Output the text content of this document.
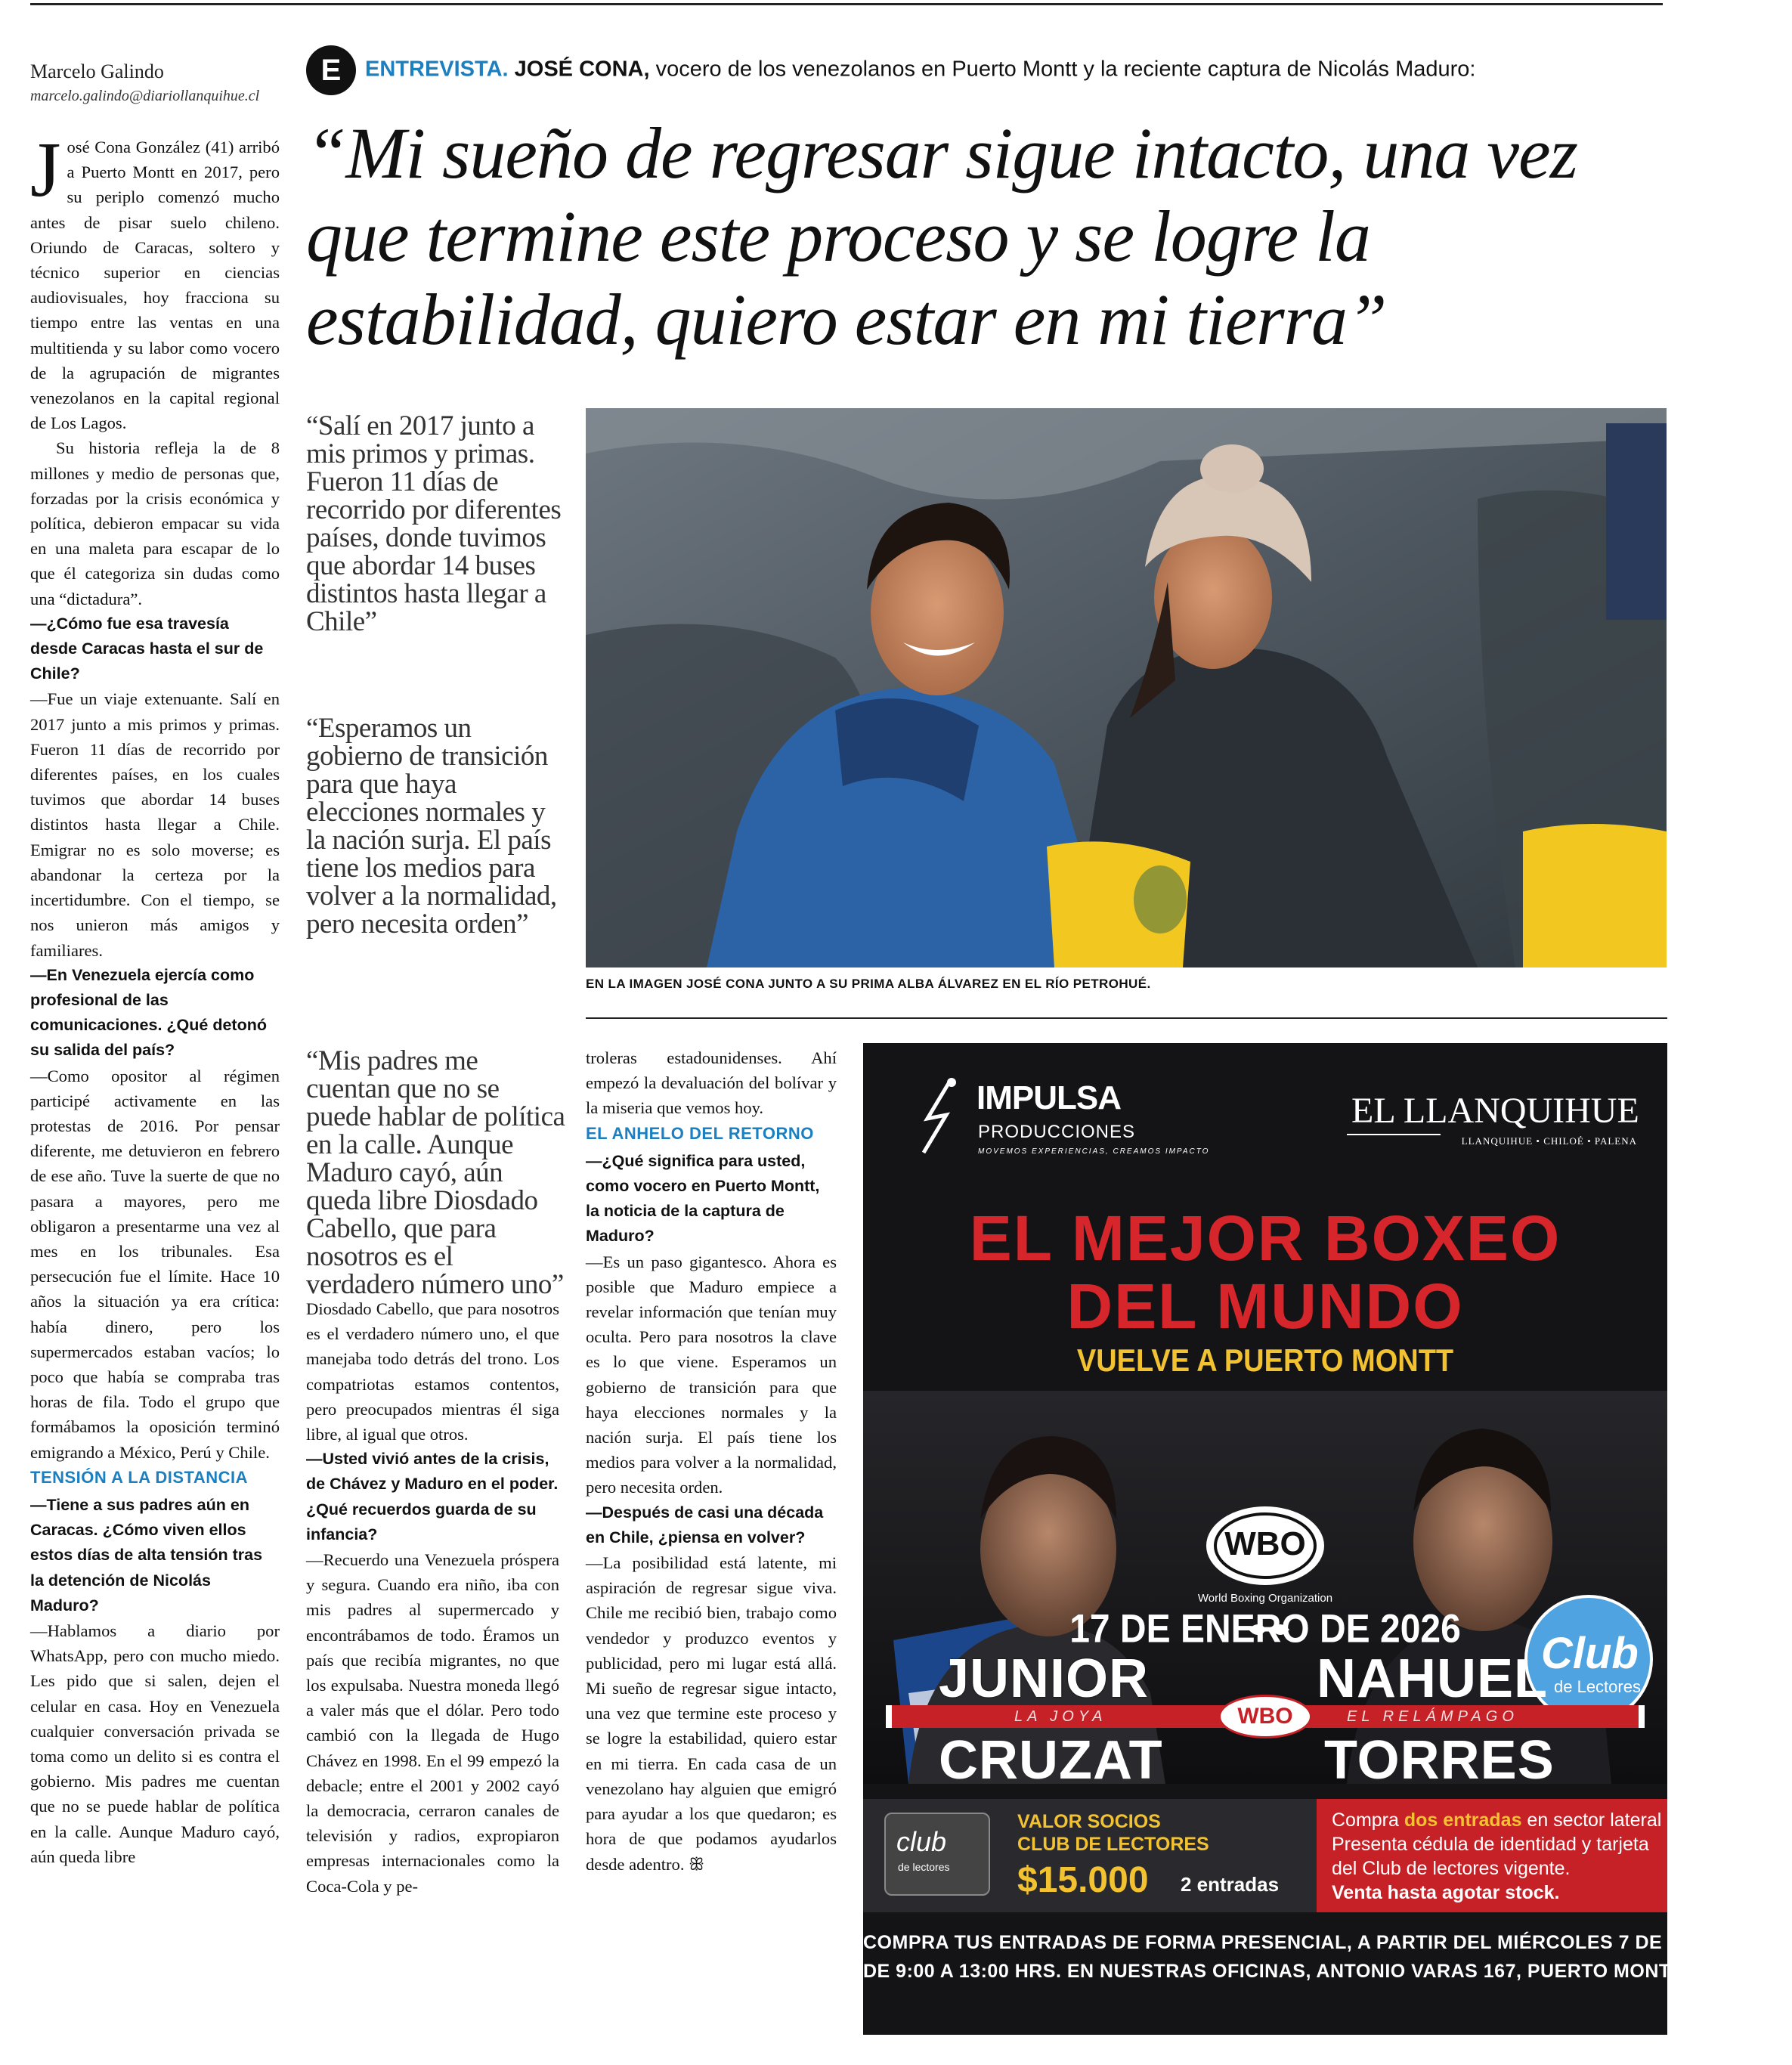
Marcelo Galindo
marcelo.galindo@diariollanquihue.cl
E ENTREVISTA. JOSÉ CONA, vocero de los venezolanos en Puerto Montt y la reciente captura de Nicolás Maduro:
“Mi sueño de regresar sigue intacto, una vez que termine este proceso y se logre la estabilidad, quiero estar en mi tierra”

José Cona González (41) arribó a Puerto Montt en 2017, pero su periplo comenzó mucho antes de pisar suelo chileno. Oriundo de Caracas, soltero y técnico superior en ciencias audiovisuales, hoy fracciona su tiempo entre las ventas en una multitienda y su labor como vocero de la agrupación de migrantes venezolanos en la capital regional de Los Lagos.

Su historia refleja la de 8 millones y medio de personas que, forzadas por la crisis económica y política, debieron empacar su vida en una maleta para escapar de lo que él categoriza sin dudas como una “dictadura”.

—¿Cómo fue esa travesía desde Caracas hasta el sur de Chile?

—Fue un viaje extenuante. Salí en 2017 junto a mis primos y primas. Fueron 11 días de recorrido por diferentes países, en los cuales tuvimos que abordar 14 buses distintos hasta llegar a Chile. Emigrar no es solo moverse; es abandonar la certeza por la incertidumbre. Con el tiempo, se nos unieron más amigos y familiares.

—En Venezuela ejercía como profesional de las comunicaciones. ¿Qué detonó su salida del país?

—Como opositor al régimen participé activamente en las protestas de 2016. Por pensar diferente, me detuvieron en febrero de ese año. Tuve la suerte de que no pasara a mayores, pero me obligaron a presentarme una vez al mes en los tribunales. Esa persecución fue el límite. Hace 10 años la situación ya era crítica: había dinero, pero los supermercados estaban vacíos; lo poco que había se compraba tras horas de fila. Todo el grupo que formábamos la oposición terminó emigrando a México, Perú y Chile.

TENSIÓN A LA DISTANCIA

—Tiene a sus padres aún en Caracas. ¿Cómo viven ellos estos días de alta tensión tras la detención de Nicolás Maduro?

—Hablamos a diario por WhatsApp, pero con mucho miedo. Les pido que si salen, dejen el celular en casa. Hoy en Venezuela cualquier conversación privada se toma como un delito si es contra el gobierno. Mis padres me cuentan que no se puede hablar de política en la calle. Aunque Maduro cayó, aún queda libre

“Salí en 2017 junto a mis primos y primas. Fueron 11 días de recorrido por diferentes países, donde tuvimos que abordar 14 buses distintos hasta llegar a Chile”
“Esperamos un gobierno de transición para que haya elecciones normales y la nación surja. El país tiene los medios para volver a la normalidad, pero necesita orden”
“Mis padres me cuentan que no se puede hablar de política en la calle. Aunque Maduro cayó, aún queda libre Diosdado Cabello, que para nosotros es el verdadero número uno”
EN LA IMAGEN JOSÉ CONA JUNTO A SU PRIMA ALBA ÁLVAREZ EN EL RÍO PETROHUÉ.

Diosdado Cabello, que para nosotros es el verdadero número uno, el que manejaba todo detrás del trono. Los compatriotas estamos contentos, pero preocupados mientras él siga libre, al igual que otros.

—Usted vivió antes de la crisis, de Chávez y Maduro en el poder. ¿Qué recuerdos guarda de su infancia?

—Recuerdo una Venezuela próspera y segura. Cuando era niño, iba con mis padres al supermercado y encontrábamos de todo. Éramos un país que recibía migrantes, no que los expulsaba. Nuestra moneda llegó a valer más que el dólar. Pero todo cambió con la llegada de Hugo Chávez en 1998. En el 99 empezó la debacle; entre el 2001 y 2002 cayó la democracia, cerraron canales de televisión y radios, expropiaron empresas internacionales como la Coca-Cola y pe-

troleras estadounidenses. Ahí empezó la devaluación del bolívar y la miseria que vemos hoy.

EL ANHELO DEL RETORNO

—¿Qué significa para usted, como vocero en Puerto Montt, la noticia de la captura de Maduro?

—Es un paso gigantesco. Ahora es posible que Maduro empiece a revelar información que tenían muy oculta. Pero para nosotros la clave es lo que viene. Esperamos un gobierno de transición para que haya elecciones normales y la nación surja. El país tiene los medios para volver a la normalidad, pero necesita orden.

—Después de casi una década en Chile, ¿piensa en volver?

—La posibilidad está latente, mi aspiración de regresar sigue viva. Chile me recibió bien, trabajo como vendedor y produzco eventos y publicidad, pero mi lugar está allá. Mi sueño de regresar sigue intacto, una vez que termine este proceso y se logre la estabilidad, quiero estar en mi tierra. En cada casa de un venezolano hay alguien que emigró para ayudar a los que quedaron; es hora de que podamos ayudarlos desde adentro. ꕥ

IMPULSA
PRODUCCIONES
MOVEMOS EXPERIENCIAS, CREAMOS IMPACTO
EL LLANQUIHUE
LLANQUIHUE • CHILOÉ • PALENA
EL MEJOR BOXEO
DEL MUNDO
VUELVE A PUERTO MONTT
WBO
World Boxing Organization
Club
de Lectores
17 DE ENERO DE 2026
JUNIOR
LA JOYA
CRUZAT
NAHUEL
EL RELÁMPAGO
TORRES
WBO
club
de lectores
VALOR SOCIOS
CLUB DE LECTORES
$15.000 2 entradas
Compra dos entradas en sector lateral
Presenta cédula de identidad y tarjeta
del Club de lectores vigente.
Venta hasta agotar stock.
COMPRA TUS ENTRADAS DE FORMA PRESENCIAL, A PARTIR DEL MIÉRCOLES 7 DE ENERO 2026,
DE 9:00 A 13:00 HRS. EN NUESTRAS OFICINAS, ANTONIO VARAS 167, PUERTO MONTT.
